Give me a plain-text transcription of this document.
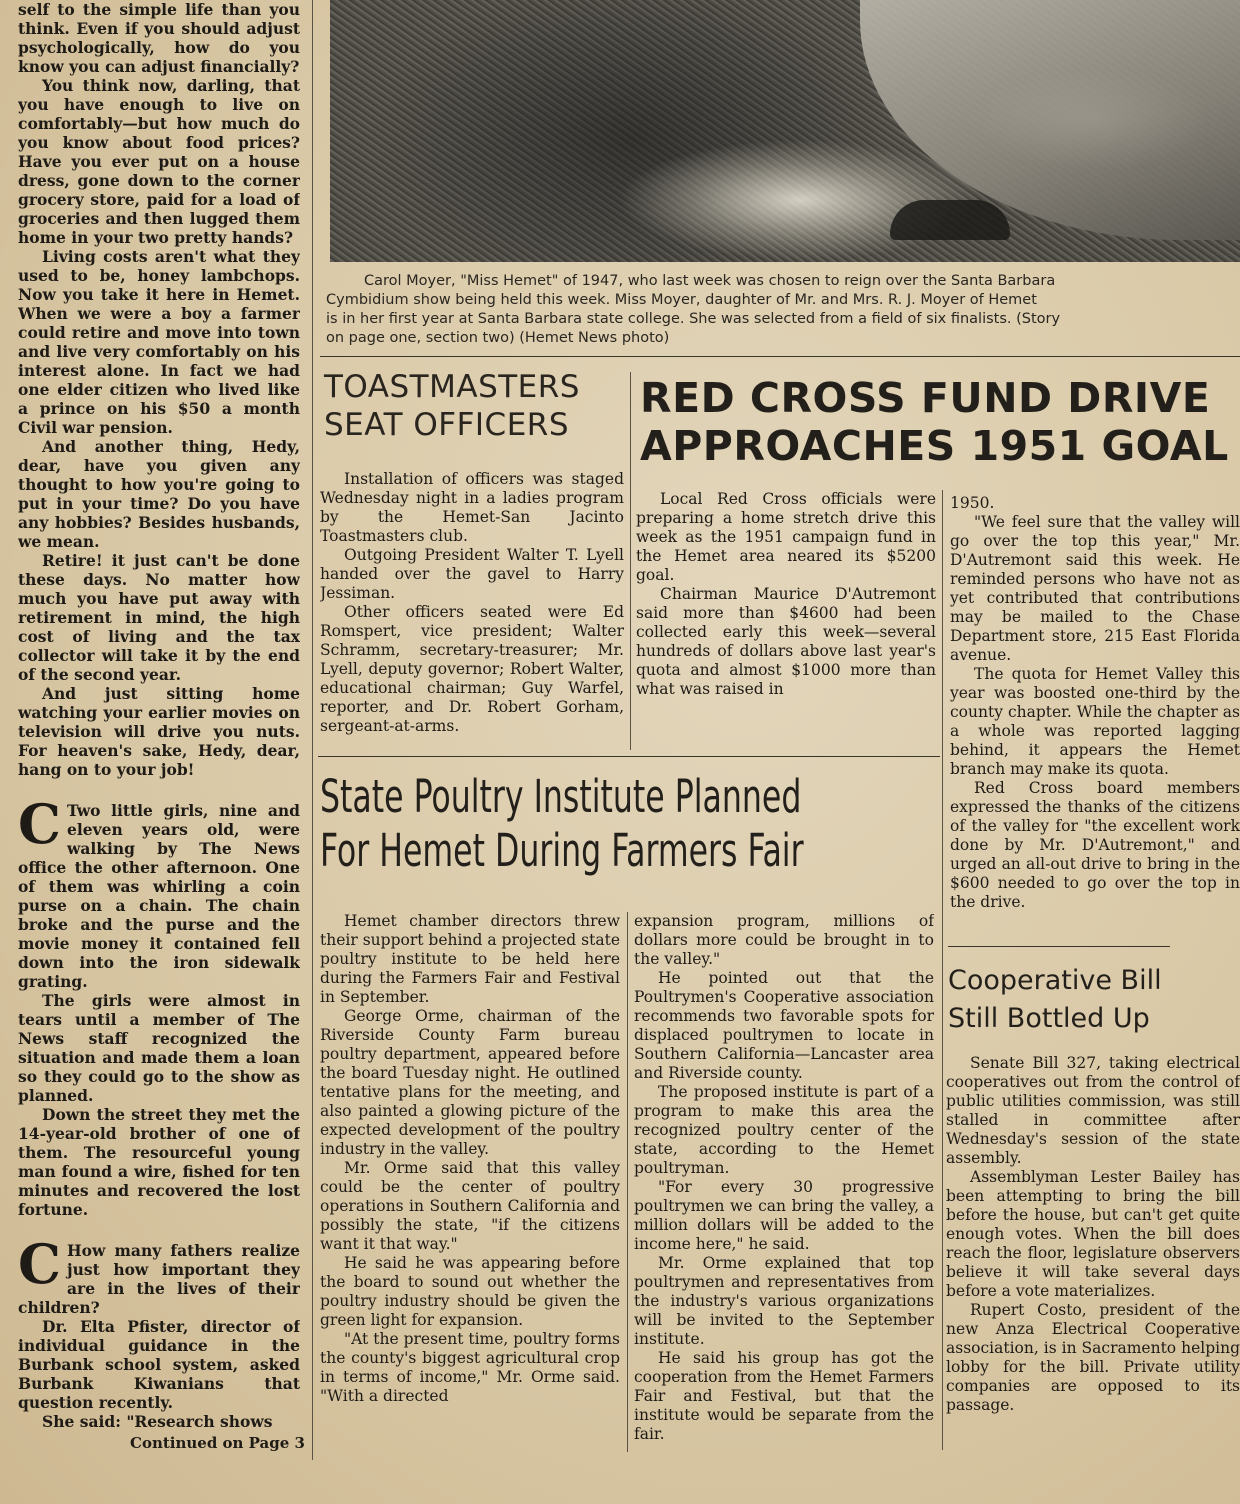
self to the simple life than you think. Even if you should adjust psychologically, how do you know you can adjust financially?

You think now, darling, that you have enough to live on comfortably—but how much do you know about food prices? Have you ever put on a house dress, gone down to the corner grocery store, paid for a load of groceries and then lugged them home in your two pretty hands?

Living costs aren't what they used to be, honey lambchops. Now you take it here in Hemet. When we were a boy a farmer could retire and move into town and live very comfortably on his interest alone. In fact we had one elder citizen who lived like a prince on his $50 a month Civil war pension.

And another thing, Hedy, dear, have you given any thought to how you're going to put in your time? Do you have any hobbies? Besides husbands, we mean.

Retire! it just can't be done these days. No matter how much you have put away with retirement in mind, the high cost of living and the tax collector will take it by the end of the second year.

And just sitting home watching your earlier movies on television will drive you nuts. For heaven's sake, Hedy, dear, hang on to your job!

C Two little girls, nine and eleven years old, were walking by The News office the other afternoon. One of them was whirling a coin purse on a chain. The chain broke and the purse and the movie money it contained fell down into the iron sidewalk grating.

The girls were almost in tears until a member of The News staff recognized the situation and made them a loan so they could go to the show as planned.

Down the street they met the 14-year-old brother of one of them. The resourceful young man found a wire, fished for ten minutes and recovered the lost fortune.

C How many fathers realize just how important they are in the lives of their children?

Dr. Elta Pfister, director of individual guidance in the Burbank school system, asked Burbank Kiwanians that question recently.

She said: "Research shows

Continued on Page 3
Carol Moyer, "Miss Hemet" of 1947, who last week was chosen to reign over the Santa Barbara
Cymbidium show being held this week. Miss Moyer, daughter of Mr. and Mrs. R. J. Moyer of Hemet
is in her first year at Santa Barbara state college. She was selected from a field of six finalists. (Story
on page one, section two) (Hemet News photo)
TOASTMASTERS
SEAT OFFICERS

Installation of officers was staged Wednesday night in a ladies program by the Hemet-San Jacinto Toastmasters club.

Outgoing President Walter T. Lyell handed over the gavel to Harry Jessiman.

Other officers seated were Ed Romspert, vice president; Walter Schramm, secretary-treasurer; Mr. Lyell, deputy governor; Robert Walter, educational chairman; Guy Warfel, reporter, and Dr. Robert Gorham, sergeant-at-arms.

RED CROSS FUND DRIVE
APPROACHES 1951 GOAL

Local Red Cross officials were preparing a home stretch drive this week as the 1951 campaign fund in the Hemet area neared its $5200 goal.

Chairman Maurice D'Autremont said more than $4600 had been collected early this week—several hundreds of dollars above last year's quota and almost $1000 more than what was raised in

1950.

"We feel sure that the valley will go over the top this year," Mr. D'Autremont said this week. He reminded persons who have not as yet contributed that contributions may be mailed to the Chase Department store, 215 East Florida avenue.

The quota for Hemet Valley this year was boosted one-third by the county chapter. While the chapter as a whole was reported lagging behind, it appears the Hemet branch may make its quota.

Red Cross board members expressed the thanks of the citizens of the valley for "the excellent work done by Mr. D'Autremont," and urged an all-out drive to bring in the $600 needed to go over the top in the drive.

State Poultry Institute Planned
For Hemet During Farmers Fair

Hemet chamber directors threw their support behind a projected state poultry institute to be held here during the Farmers Fair and Festival in September.

George Orme, chairman of the Riverside County Farm bureau poultry department, appeared before the board Tuesday night. He outlined tentative plans for the meeting, and also painted a glowing picture of the expected development of the poultry industry in the valley.

Mr. Orme said that this valley could be the center of poultry operations in Southern California and possibly the state, "if the citizens want it that way."

He said he was appearing before the board to sound out whether the poultry industry should be given the green light for expansion.

"At the present time, poultry forms the county's biggest agricultural crop in terms of income," Mr. Orme said. "With a directed

expansion program, millions of dollars more could be brought in to the valley."

He pointed out that the Poultrymen's Cooperative association recommends two favorable spots for displaced poultrymen to locate in Southern California—Lancaster area and Riverside county.

The proposed institute is part of a program to make this area the recognized poultry center of the state, according to the Hemet poultryman.

"For every 30 progressive poultrymen we can bring the valley, a million dollars will be added to the income here," he said.

Mr. Orme explained that top poultrymen and representatives from the industry's various organizations will be invited to the September institute.

He said his group has got the cooperation from the Hemet Farmers Fair and Festival, but that the institute would be separate from the fair.

Cooperative Bill
Still Bottled Up

Senate Bill 327, taking electrical cooperatives out from the control of public utilities commission, was still stalled in committee after Wednesday's session of the state assembly.

Assemblyman Lester Bailey has been attempting to bring the bill before the house, but can't get quite enough votes. When the bill does reach the floor, legislature observers believe it will take several days before a vote materializes.

Rupert Costo, president of the new Anza Electrical Cooperative association, is in Sacramento helping lobby for the bill. Private utility companies are opposed to its passage.
